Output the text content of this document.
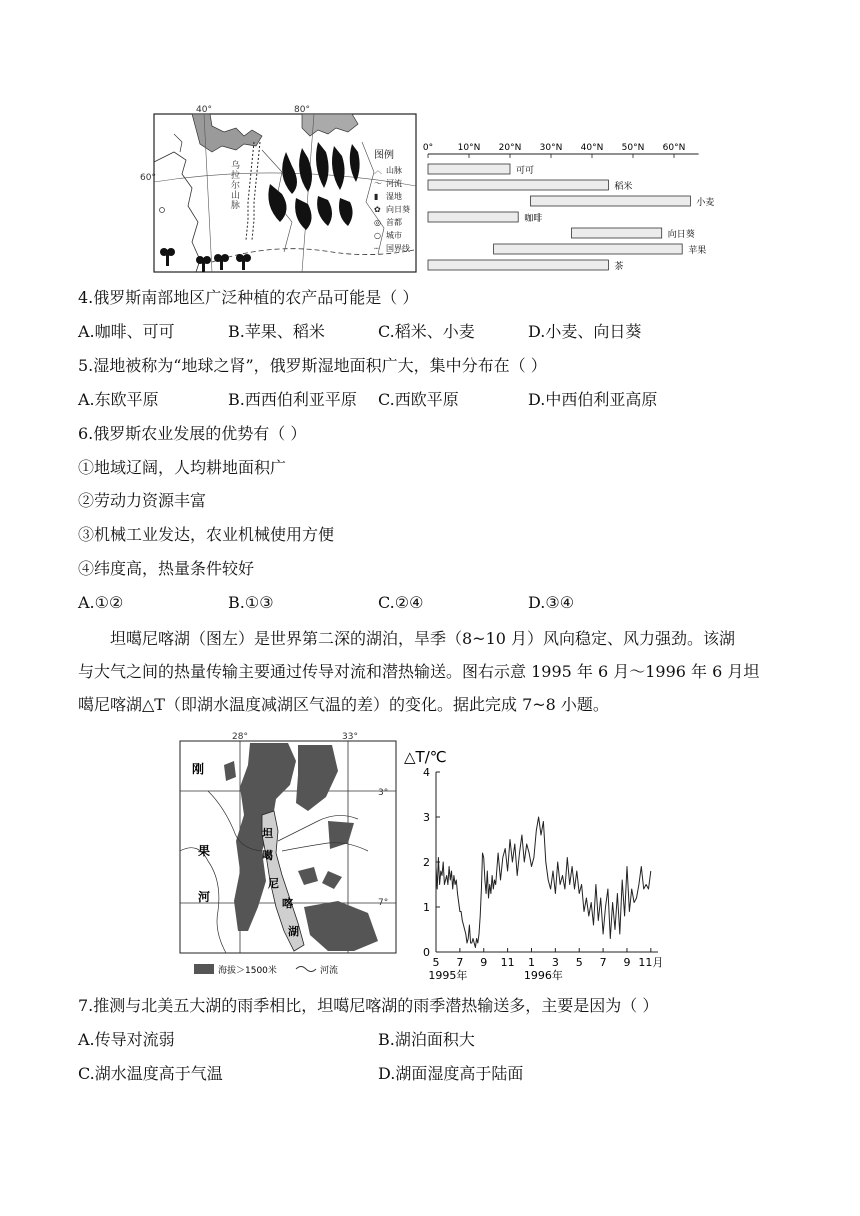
40°	80°
60°
乌拉尔山脉
图例
︿ 山脉
〜 河流
▮ 湿地
✿ 向日葵
◎ 首都
○ 城市
┄ 国界线
0°	10°N 20°N 30°N 40°N 50°N 60°N
可可
稻米
小麦
咖啡
向日葵
苹果
茶
4.俄罗斯南部地区广泛种植的农产品可能是（ ）
A.咖啡、可可	B.苹果、稻米	C.稻米、小麦	D.小麦、向日葵
5.湿地被称为“地球之肾”，俄罗斯湿地面积广大，集中分布在（ ）
A.东欧平原	B.西西伯利亚平原 C.西欧平原	D.中西伯利亚高原
6.俄罗斯农业发展的优势有（ ）
①地域辽阔，人均耕地面积广
②劳动力资源丰富
③机械工业发达，农业机械使用方便
④纬度高，热量条件较好
A.①②	B.①③	C.②④	D.③④
坦噶尼喀湖（图左）是世界第二深的湖泊，旱季（8~10 月）风向稳定、风力强劲。该湖
与大气之间的热量传输主要通过传导对流和潜热输送。图右示意 1995 年 6 月～1996 年 6 月坦
噶尼喀湖△T（即湖水温度减湖区气温的差）的变化。据此完成 7~8 小题。
28°	33°
3°
7°
刚
果
河
坦
噶
尼
喀
湖
海拔＞1500米	河流
△T/℃
0
1
2
3
4
5 7 9 11 1 3 5 7 9 11月
1995年	1996年
7.推测与北美五大湖的雨季相比，坦噶尼喀湖的雨季潜热输送多，主要是因为（ ）
A.传导对流弱	B.湖泊面积大
C.湖水温度高于气温	D.湖面湿度高于陆面
